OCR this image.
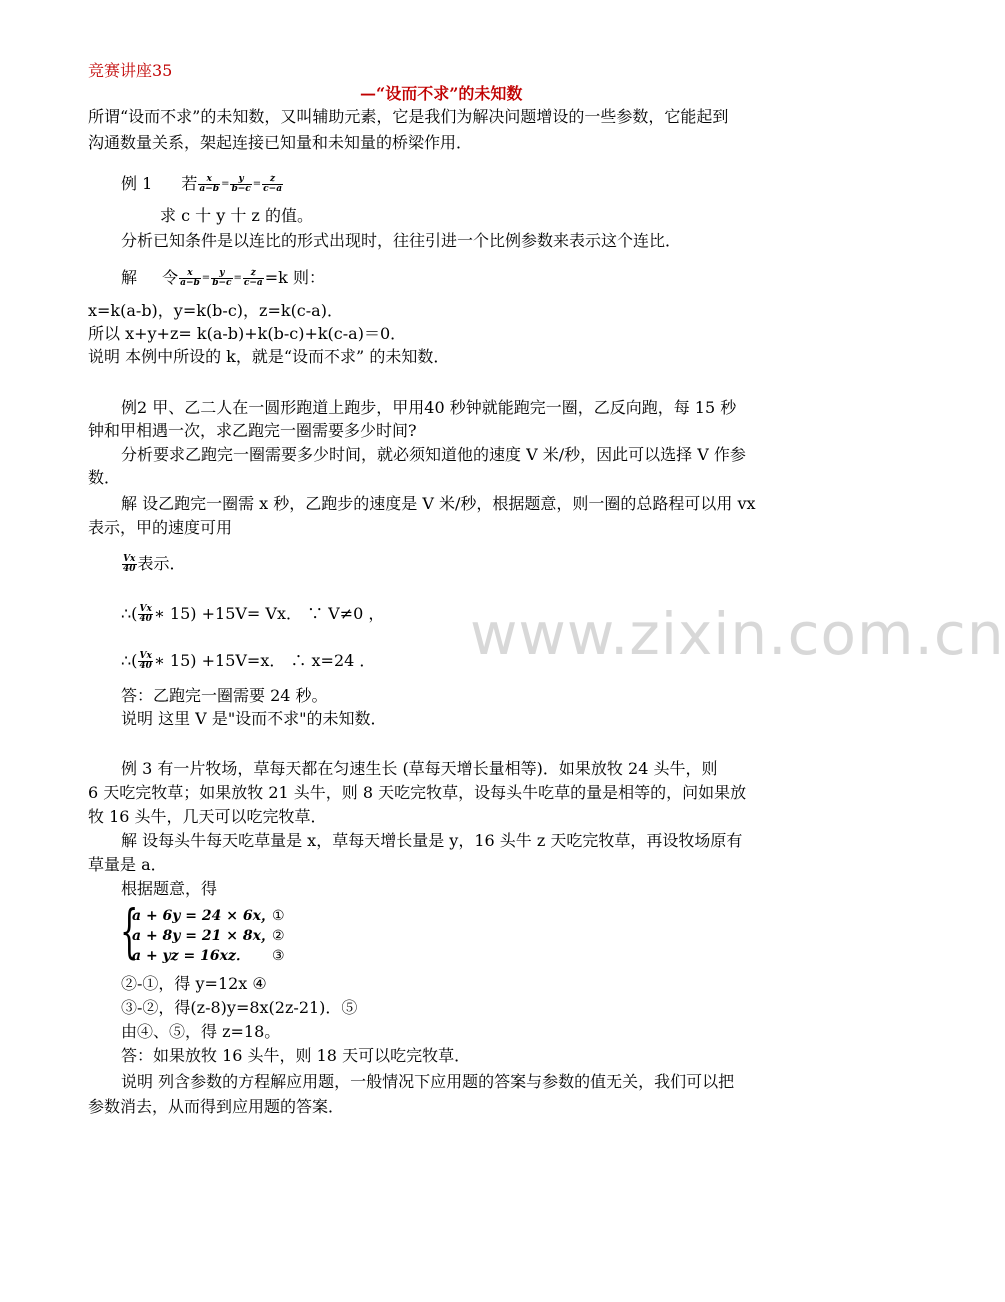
www.zixin.com.cn
竞赛讲座35
—“设而不求”的未知数
所谓“设而不求”的未知数，又叫辅助元素，它是我们为解决问题增设的一些参数，它能起到
沟通数量关系，架起连接已知量和未知量的桥梁作用．
例 1 若 $\frac{x}{a-b} = \frac{y}{b-c} = \frac{z}{c-a}$
求 c 十 y 十 z 的值。
分析已知条件是以连比的形式出现时，往往引进一个比例参数来表示这个连比．
解 令 $\frac{x}{a-b} = \frac{y}{b-c} = \frac{z}{c-a} =k$ 则：
x=k(a-b)，y=k(b-c)，z=k(c-a)．
所以 x+y+z= k(a-b)+k(b-c)+k(c-a)＝0．
说明 本例中所设的 k，就是“设而不求” 的未知数．
例2 甲、乙二人在一圆形跑道上跑步，甲用40 秒钟就能跑完一圈，乙反向跑，每 15 秒
钟和甲相遇一次，求乙跑完一圈需要多少时间?
分析要求乙跑完一圈需要多少时间，就必须知道他的速度 V 米/秒，因此可以选择 V 作参
数．
解 设乙跑完一圈需 x 秒，乙跑步的速度是 V 米/秒，根据题意，则一圈的总路程可以用 vx
表示，甲的速度可用
$\frac{Vx}{40}$ 表示．
∴( $\frac{Vx}{40}$ ∗ 15) +15V= Vx． ∵ V≠0 ，
∴( $\frac{Vx}{40}$ ∗ 15) +15V=x． ∴ x=24 ．
答：乙跑完一圈需要 24 秒。
说明 这里 V 是"设而不求"的未知数．
例 3 有一片牧场，草每天都在匀速生长 (草每天增长量相等)．如果放牧 24 头牛，则
6 天吃完牧草；如果放牧 21 头牛，则 8 天吃完牧草，设每头牛吃草的量是相等的，问如果放
牧 16 头牛，几天可以吃完牧草．
解 设每头牛每天吃草量是 x，草每天增长量是 y，16 头牛 z 天吃完牧草，再设牧场原有
草量是 a．
根据题意，得
{
a + 6y = 24 × 6x，
①
a + 8y = 21 × 8x，
②
a + yz = 16xz． ③
②-①，得 y=12x ④
③-②，得(z-8)y=8x(2z-21)．⑤
由④、⑤，得 z=18。
答：如果放牧 16 头牛，则 18 天可以吃完牧草．
说明 列含参数的方程解应用题，一般情况下应用题的答案与参数的值无关，我们可以把
参数消去，从而得到应用题的答案．
